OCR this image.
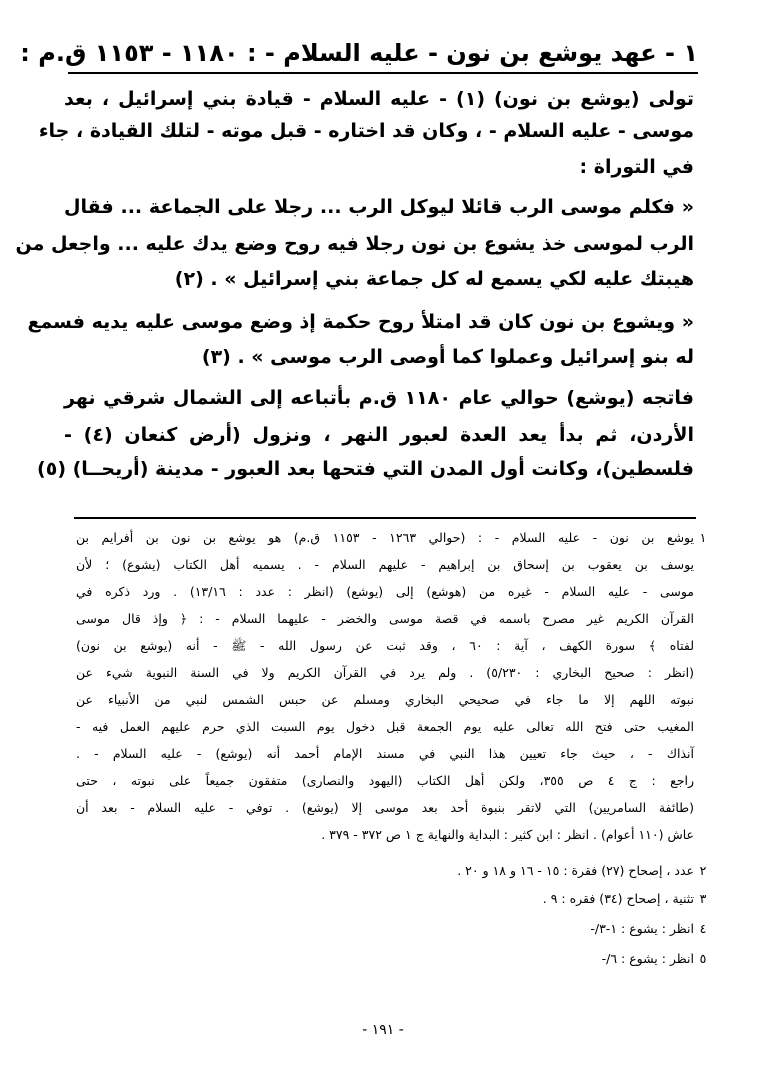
١ - عهد يوشع بن نون - عليه السلام - : ١١٨٠ - ١١٥٣ ق.م :
تولى (يوشع بن نون) (١) - عليه السلام - قيادة بني إسرائيل ، بعد
موسى - عليه السلام - ، وكان قد اختاره - قبل موته - لتلك القيادة ، جاء
في التوراة :
« فكلم موسى الرب قائلا ليوكل الرب ... رجلا على الجماعة ... فقال
الرب لموسى خذ يشوع بن نون رجلا فيه روح وضع يدك عليه ... واجعل من
هيبتك عليه لكي يسمع له كل جماعة بني إسرائيل » . (٢)
« ويشوع بن نون كان قد امتلأ روح حكمة إذ وضع موسى عليه يديه فسمع
له بنو إسرائيل وعملوا كما أوصى الرب موسى » . (٣)
فاتجه (يوشع) حوالي عام ١١٨٠ ق.م بأتباعه إلى الشمال شرقي نهر
الأردن، ثم بدأ يعد العدة لعبور النهر ، ونزول (أرض كنعان (٤) -
فلسطين)، وكانت أول المدن التي فتحها بعد العبور - مدينة (أريحــا) (٥)
١
يوشع بن نون - عليه السلام - : (حوالي ١٢٦٣ - ١١٥٣ ق.م) هو يوشع بن نون بن أفرايم بن
يوسف بن يعقوب بن إسحاق بن إبراهيم - عليهم السلام - . يسميه أهل الكتاب (يشوع) ؛ لأن
موسى - عليه السلام - غيره من (هوشع) إلى (يوشع) (انظر : عدد : ١٣/١٦) . ورد ذكره في
القرآن الكريم غير مصرح باسمه في قصة موسى والخضر - عليهما السلام - : ﴿ وإذ قال موسى
لفتاه ﴾ سورة الكهف ، آية : ٦٠ ، وقد ثبت عن رسول الله - ﷺ - أنه (يوشع بن نون)
(انظر : صحيح البخاري : ٥/٢٣٠) . ولم يرد في القرآن الكريم ولا في السنة النبوية شيء عن
نبوته اللهم إلا ما جاء في صحيحي البخاري ومسلم عن حبس الشمس لنبي من الأنبياء عن
المغيب حتى فتح الله تعالى عليه يوم الجمعة قبل دخول يوم السبت الذي حرم عليهم العمل فيه -
آنذاك - ، حيث جاء تعيين هذا النبي في مسند الإمام أحمد أنه (يوشع) - عليه السلام - .
راجع : ج ٤ ص ٣٥٥، ولكن أهل الكتاب (اليهود والنصارى) متفقون جميعاً على نبوته ، حتى
(طائفة السامريين) التي لاتقر بنبوة أحد بعد موسى إلا (يوشع) . توفي - عليه السلام - بعد أن
عاش (١١٠ أعوام) . انظر : ابن كثير : البداية والنهاية ج ١ ص ٣٧٢ - ٣٧٩ .
٢
عدد ، إصحاح (٢٧) فقرة : ١٥ - ١٦ و ١٨ و ٢٠ .
٣
تثنية ، إصحاح (٣٤) فقره : ٩ .
٤
انظر : يشوع : ١-٣/-
٥
انظر : يشوع : ٦/-
- ١٩١ -
